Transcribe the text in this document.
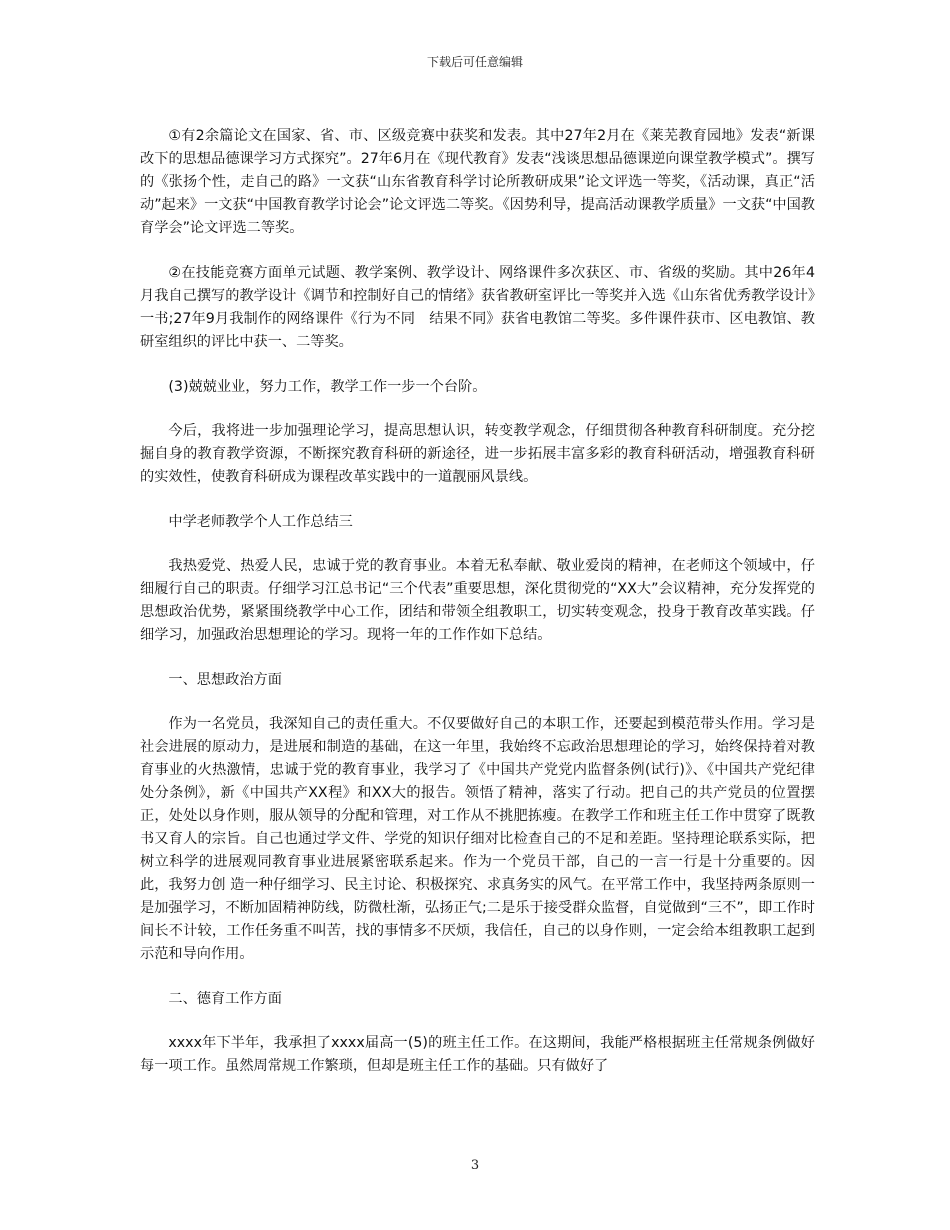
下载后可任意编辑

①有2余篇论文在国家、省、市、区级竞赛中获奖和发表。其中27年2月在《莱芜教育园地》发表“新课改下的思想品德课学习方式探究”。27年6月在《现代教育》发表“浅谈思想品德课逆向课堂教学模式”。撰写的《张扬个性，走自己的路》一文获“山东省教育科学讨论所教研成果”论文评选一等奖，《活动课，真正“活动”起来》一文获“中国教育教学讨论会”论文评选二等奖。《因势利导，提高活动课教学质量》一文获“中国教育学会”论文评选二等奖。

②在技能竞赛方面单元试题、教学案例、教学设计、网络课件多次获区、市、省级的奖励。其中26年4月我自己撰写的教学设计《调节和控制好自己的情绪》获省教研室评比一等奖并入选《山东省优秀教学设计》一书;27年9月我制作的网络课件《行为不同　结果不同》获省电教馆二等奖。多件课件获市、区电教馆、教研室组织的评比中获一、二等奖。

(3)兢兢业业，努力工作，教学工作一步一个台阶。

今后，我将进一步加强理论学习，提高思想认识，转变教学观念，仔细贯彻各种教育科研制度。充分挖掘自身的教育教学资源，不断探究教育科研的新途径，进一步拓展丰富多彩的教育科研活动，增强教育科研的实效性，使教育科研成为课程改革实践中的一道靓丽风景线。

中学老师教学个人工作总结三

我热爱党、热爱人民，忠诚于党的教育事业。本着无私奉献、敬业爱岗的精神，在老师这个领域中，仔细履行自己的职责。仔细学习江总书记“三个代表”重要思想，深化贯彻党的“XX大”会议精神，充分发挥党的思想政治优势，紧紧围绕教学中心工作，团结和带领全组教职工，切实转变观念，投身于教育改革实践。仔细学习，加强政治思想理论的学习。现将一年的工作作如下总结。

一、思想政治方面

作为一名党员，我深知自己的责任重大。不仅要做好自己的本职工作，还要起到模范带头作用。学习是社会进展的原动力，是进展和制造的基础，在这一年里，我始终不忘政治思想理论的学习，始终保持着对教育事业的火热激情，忠诚于党的教育事业，我学习了《中国共产党党内监督条例(试行)》、《中国共产党纪律处分条例》，新《中国共产XX程》和XX大的报告。领悟了精神，落实了行动。把自己的共产党员的位置摆正，处处以身作则，服从领导的分配和管理，对工作从不挑肥拣瘦。在教学工作和班主任工作中贯穿了既教书又育人的宗旨。自己也通过学文件、学党的知识仔细对比检查自己的不足和差距。坚持理论联系实际，把树立科学的进展观同教育事业进展紧密联系起来。作为一个党员干部，自己的一言一行是十分重要的。因此，我努力创 造一种仔细学习、民主讨论、积极探究、求真务实的风气。在平常工作中，我坚持两条原则一是加强学习，不断加固精神防线，防微杜渐，弘扬正气;二是乐于接受群众监督，自觉做到“三不”，即工作时间长不计较，工作任务重不叫苦，找的事情多不厌烦，我信任，自己的以身作则，一定会给本组教职工起到示范和导向作用。

二、德育工作方面

xxxx年下半年，我承担了xxxx届高一(5)的班主任工作。在这期间，我能严格根据班主任常规条例做好每一项工作。虽然周常规工作繁琐，但却是班主任工作的基础。只有做好了

3
